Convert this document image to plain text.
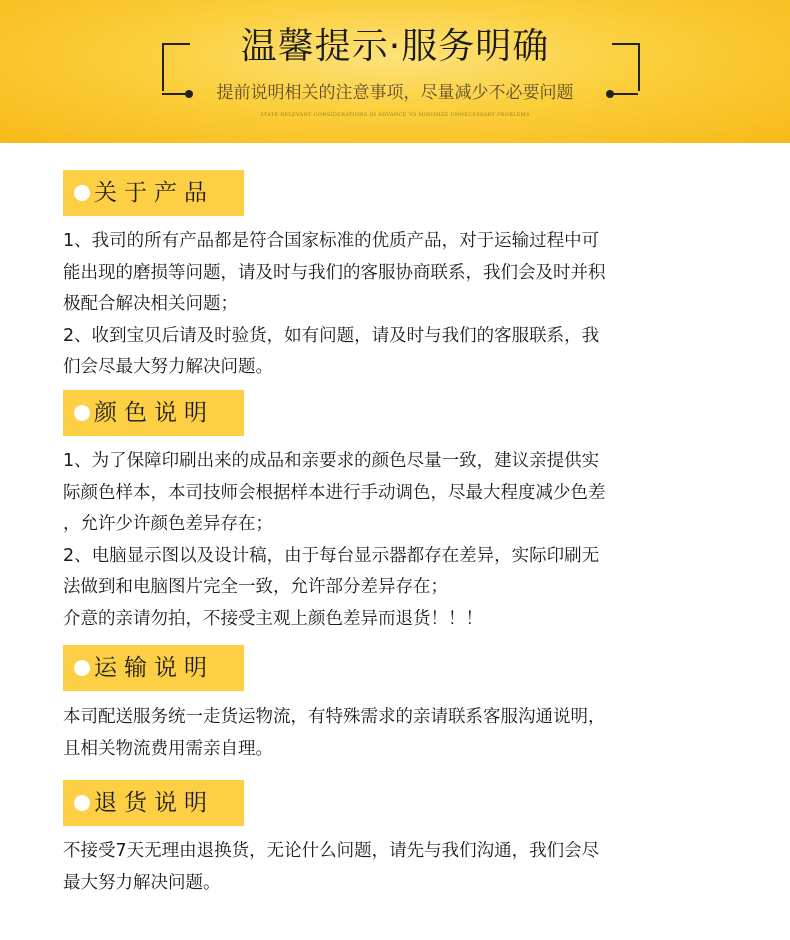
温馨提示·服务明确
提前说明相关的注意事项，尽量减少不必要问题
STATE RELEVANT CONSIDERATIONS IN ADVANCE TO MINIMIZE UNNECESSARY PROBLEMS
关于产品
1、我司的所有产品都是符合国家标准的优质产品，对于运输过程中可
能出现的磨损等问题，请及时与我们的客服协商联系，我们会及时并积
极配合解决相关问题；
2、收到宝贝后请及时验货，如有问题，请及时与我们的客服联系，我
们会尽最大努力解决问题。
颜色说明
1、为了保障印刷出来的成品和亲要求的颜色尽量一致，建议亲提供实
际颜色样本，本司技师会根据样本进行手动调色，尽最大程度减少色差
，允许少许颜色差异存在；
2、电脑显示图以及设计稿，由于每台显示器都存在差异，实际印刷无
法做到和电脑图片完全一致，允许部分差异存在；
介意的亲请勿拍，不接受主观上颜色差异而退货！！！
运输说明
本司配送服务统一走货运物流，有特殊需求的亲请联系客服沟通说明，
且相关物流费用需亲自理。
退货说明
不接受7天无理由退换货，无论什么问题，请先与我们沟通，我们会尽
最大努力解决问题。
